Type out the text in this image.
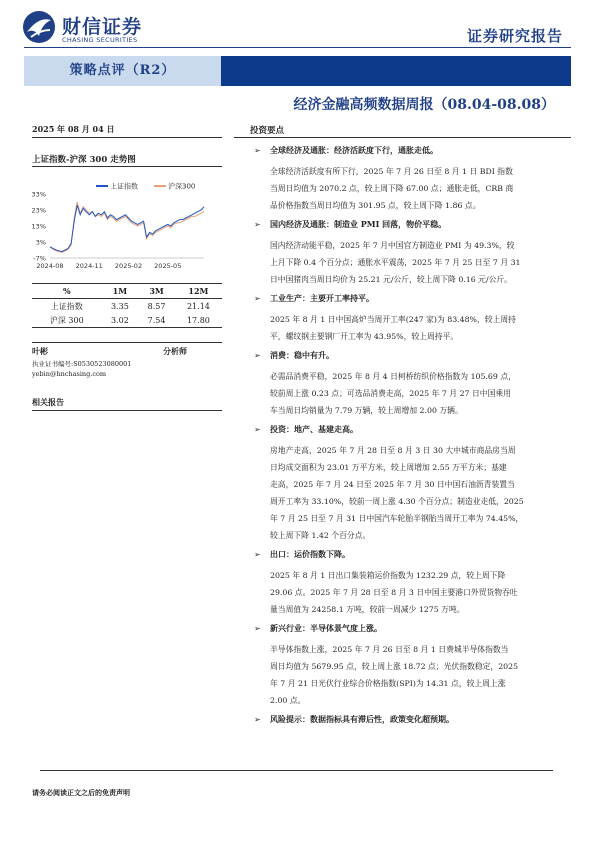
财信证券
CHASING SECURITIES	证券研究报告
策略点评（R2）
经济金融高频数据周报（08.04-08.08）
2025 年 08 月 04 日
上证指数-沪深 300 走势图
33%
23%
13%
3%
-7%
2024-08 2024-11 2025-02 2025-05
上证指数	沪深300
%	1M	3M	12M
上证指数	3.35	8.57	21.14
沪深 300	3.02	7.54	17.80
叶彬	分析师
执业证书编号:S0530523080001
yebin@hnchasing.com
相关报告
投资要点
➢ 全球经济及通胀：经济活跃度下行，通胀走低。
全球经济活跃度有所下行，2025 年 7 月 26 日至 8 月 1 日 BDI 指数
当周日均值为 2070.2 点，较上周下降 67.00 点；通胀走低，CRB 商
品价格指数当周日均值为 301.95 点，较上周下降 1.86 点。
➢ 国内经济及通胀：制造业 PMI 回落，物价平稳。
国内经济动能平稳，2025 年 7 月中国官方制造业 PMI 为 49.3%，较
上月下降 0.4 个百分点；通胀水平震荡，2025 年 7 月 25 日至 7 月 31
日中国猪肉当周日均价为 25.21 元/公斤，较上周下降 0.16 元/公斤。
➢ 工业生产：主要开工率持平。
2025 年 8 月 1 日中国高炉当周开工率(247 家)为 83.48%，较上周持
平，螺纹钢主要钢厂开工率为 43.95%，较上周持平。
➢ 消费：稳中有升。
必需品消费平稳，2025 年 8 月 4 日柯桥纺织价格指数为 105.69 点，
较前周上涨 0.23 点；可选品消费走高，2025 年 7 月 27 日中国乘用
车当周日均销量为 7.79 万辆，较上周增加 2.00 万辆。
➢ 投资：地产、基建走高。
房地产走高，2025 年 7 月 28 日至 8 月 3 日 30 大中城市商品房当周
日均成交面积为 23.01 万平方米，较上周增加 2.55 万平方米；基建
走高，2025 年 7 月 24 日至 2025 年 7 月 30 日中国石油沥青装置当
周开工率为 33.10%，较前一周上涨 4.30 个百分点；制造业走低，2025
年 7 月 25 日至 7 月 31 日中国汽车轮胎半钢胎当周开工率为 74.45%，
较上周下降 1.42 个百分点。
➢ 出口：运价指数下降。
2025 年 8 月 1 日出口集装箱运价指数为 1232.29 点，较上周下降
29.06 点。2025 年 7 月 28 日至 8 月 3 日中国主要港口外贸货物吞吐
量当周值为 24258.1 万吨，较前一周减少 1275 万吨。
➢ 新兴行业：半导体景气度上涨。
半导体指数上涨，2025 年 7 月 26 日至 8 月 1 日费城半导体指数当
周日均值为 5679.95 点，较上周上涨 18.72 点；光伏指数稳定，2025
年 7 月 21 日光伏行业综合价格指数(SPI)为 14.31 点，较上周上涨
2.00 点。
➢ 风险提示：数据指标具有滞后性，政策变化超预期。
请务必阅读正文之后的免责声明
